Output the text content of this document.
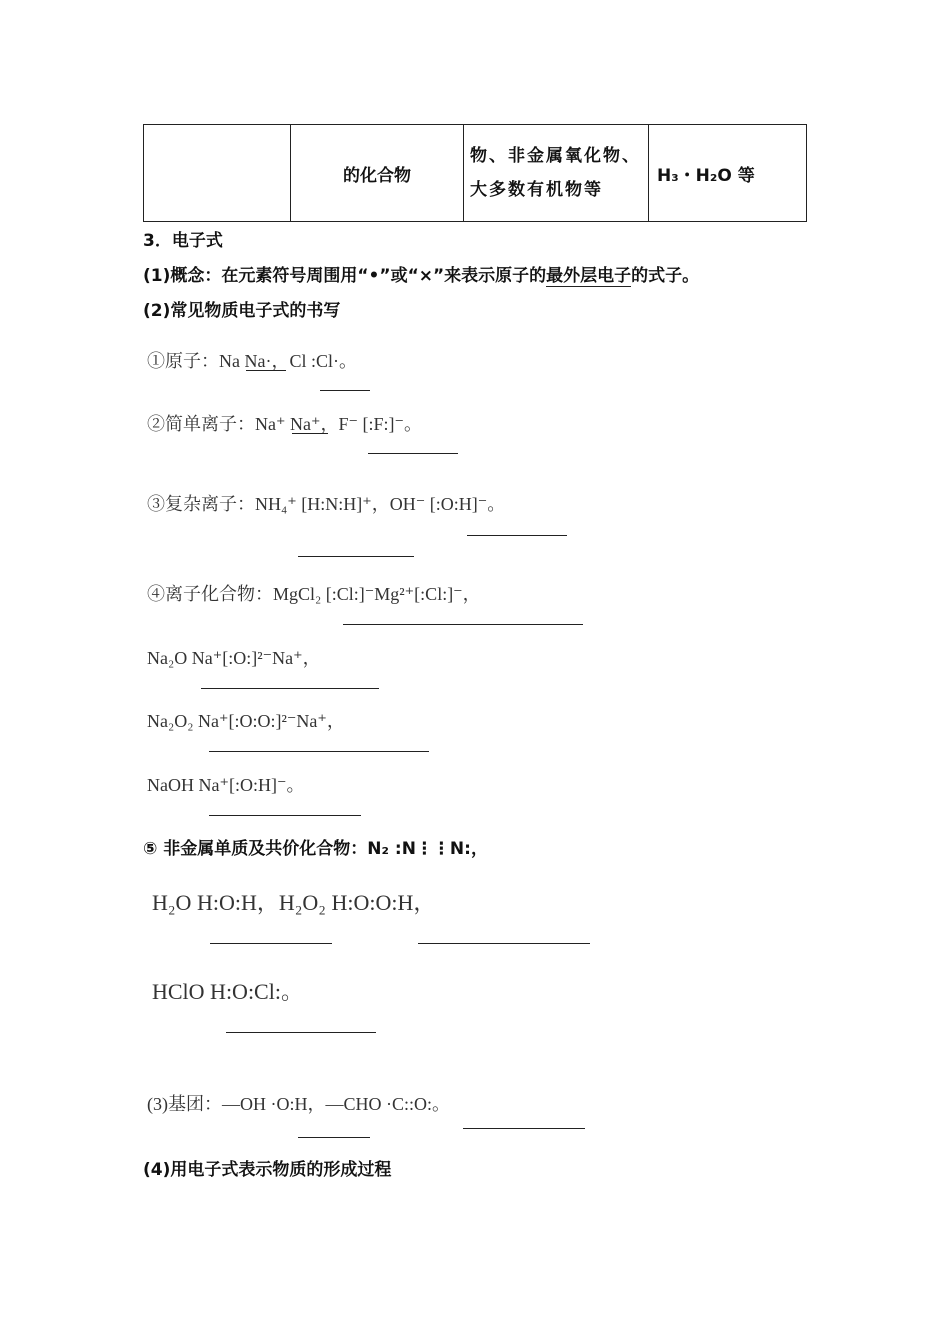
	的化合物	物、非金属氧化物、大多数有机物等	H₃・H₂O 等
3．电子式
(1)概念：在元素符号周围用“•”或“×”来表示原子的最外层电子的式子。
(2)常见物质电子式的书写
①原子：Na Na·，Cl :Cl·。
②简单离子：Na⁺ Na⁺，F⁻ [:F:]⁻。
③复杂离子：NH₄⁺ [H:N:H]⁺，OH⁻ [:O:H]⁻。
④离子化合物：MgCl₂ [:Cl:]⁻Mg²⁺[:Cl:]⁻，
Na₂O Na⁺[:O:]²⁻Na⁺，
Na₂O₂ Na⁺[:O:O:]²⁻Na⁺，
NaOH Na⁺[:O:H]⁻。
⑤ 非金属单质及共价化合物：N₂ :N⋮⋮N:，
H₂O H:O:H，H₂O₂ H:O:O:H，
HClO H:O:Cl:。
(3)基团：—OH ·O:H，—CHO ·C::O:。
(4)用电子式表示物质的形成过程
